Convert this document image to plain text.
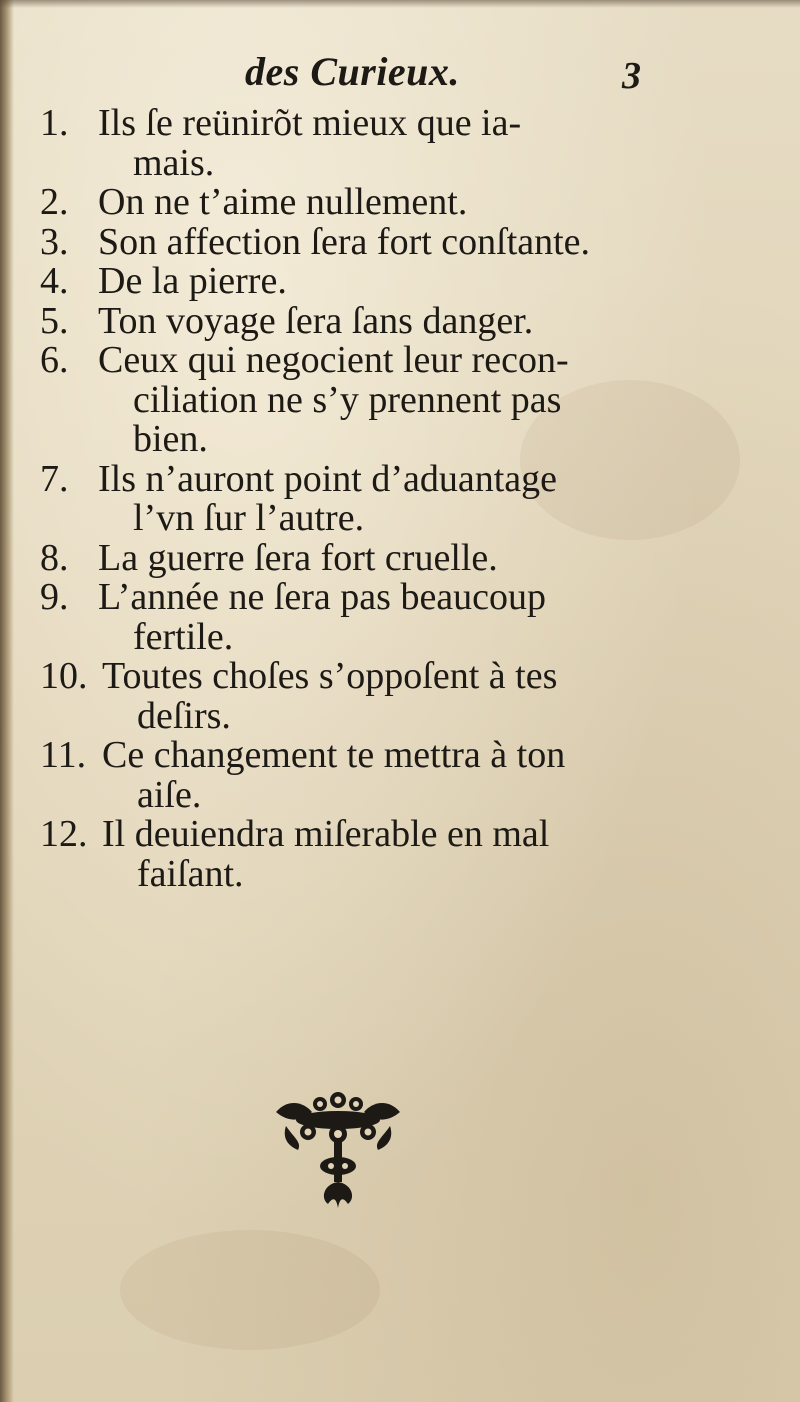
des Curieux.	3
1. Ils ſe reünirõt mieux que ia-
mais.
2. On ne t’aime nullement.
3. Son affection ſera fort conſtante.
4. De la pierre.
5. Ton voyage ſera ſans danger.
6. Ceux qui negocient leur recon-
ciliation ne s’y prennent pas
bien.
7. Ils n’auront point d’aduantage
l’vn ſur l’autre.
8. La guerre ſera fort cruelle.
9. L’année ne ſera pas beaucoup
fertile.
10. Toutes choſes s’oppoſent à tes
deſirs.
11. Ce changement te mettra à ton
aiſe.
12. Il deuiendra miſerable en mal
faiſant.
